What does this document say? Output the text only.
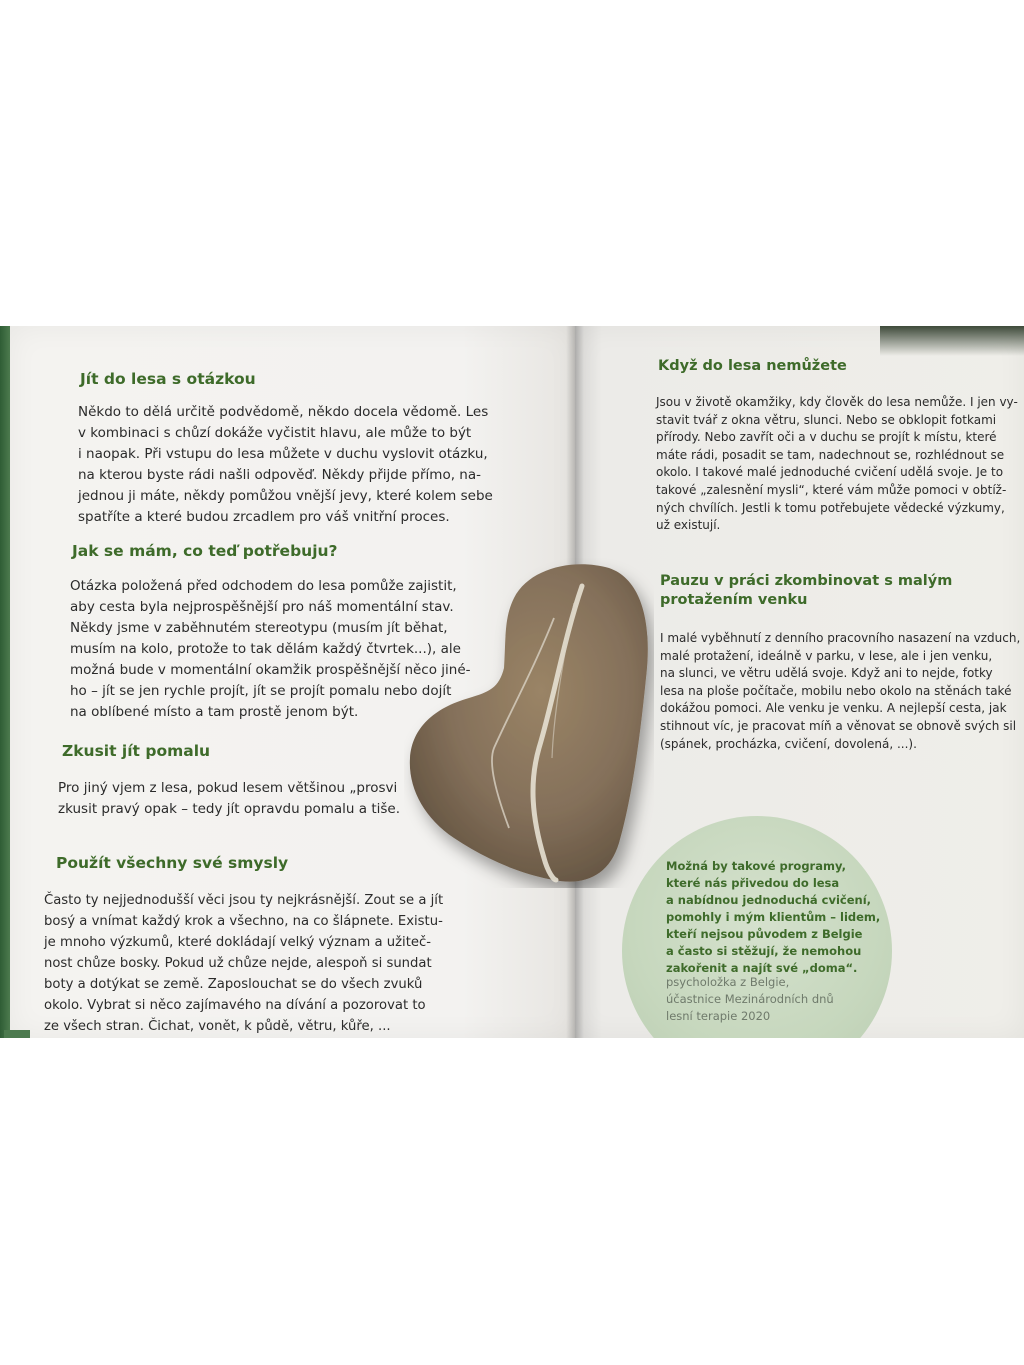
Jít do lesa s otázkou
Někdo to dělá určitě podvědomě, někdo docela vědomě. Les
v kombinaci s chůzí dokáže vyčistit hlavu, ale může to být
i naopak. Při vstupu do lesa můžete v duchu vyslovit otázku,
na kterou byste rádi našli odpověď. Někdy přijde přímo, na-
jednou ji máte, někdy pomůžou vnější jevy, které kolem sebe
spatříte a které budou zrcadlem pro váš vnitřní proces.
Jak se mám, co teď potřebuju?
Otázka položená před odchodem do lesa pomůže zajistit,
aby cesta byla nejprospěšnější pro náš momentální stav.
Někdy jsme v zaběhnutém stereotypu (musím jít běhat,
musím na kolo, protože to tak dělám každý čtvrtek...), ale
možná bude v momentální okamžik prospěšnější něco jiné-
ho – jít se jen rychle projít, jít se projít pomalu nebo dojít
na oblíbené místo a tam prostě jenom být.
Zkusit jít pomalu
Pro jiný vjem z lesa, pokud lesem většinou „prosvi
zkusit pravý opak – tedy jít opravdu pomalu a tiše.
Použít všechny své smysly
Často ty nejjednodušší věci jsou ty nejkrásnější. Zout se a jít
bosý a vnímat každý krok a všechno, na co šlápnete. Existu-
je mnoho výzkumů, které dokládají velký význam a užiteč-
nost chůze bosky. Pokud už chůze nejde, alespoň si sundat
boty a dotýkat se země. Zaposlouchat se do všech zvuků
okolo. Vybrat si něco zajímavého na dívání a pozorovat to
ze všech stran. Čichat, vonět, k půdě, větru, kůře, ...
Když do lesa nemůžete
Jsou v životě okamžiky, kdy člověk do lesa nemůže. I jen vy-
stavit tvář z okna větru, slunci. Nebo se obklopit fotkami
přírody. Nebo zavřít oči a v duchu se projít k místu, které
máte rádi, posadit se tam, nadechnout se, rozhlédnout se
okolo. I takové malé jednoduché cvičení udělá svoje. Je to
takové „zalesnění mysli“, které vám může pomoci v obtíž-
ných chvílích. Jestli k tomu potřebujete vědecké výzkumy,
už existují.
Pauzu v práci zkombinovat s malým
protažením venku
I malé vyběhnutí z denního pracovního nasazení na vzduch,
malé protažení, ideálně v parku, v lese, ale i jen venku,
na slunci, ve větru udělá svoje. Když ani to nejde, fotky
lesa na ploše počítače, mobilu nebo okolo na stěnách také
dokážou pomoci. Ale venku je venku. A nejlepší cesta, jak
stihnout víc, je pracovat míň a věnovat se obnově svých sil
(spánek, procházka, cvičení, dovolená, ...).
Možná by takové programy,
které nás přivedou do lesa
a nabídnou jednoduchá cvičení,
pomohly i mým klientům – lidem,
kteří nejsou původem z Belgie
a často si stěžují, že nemohou
zakořenit a najít své „doma“.
psycholožka z Belgie,
účastnice Mezinárodních dnů
lesní terapie 2020
